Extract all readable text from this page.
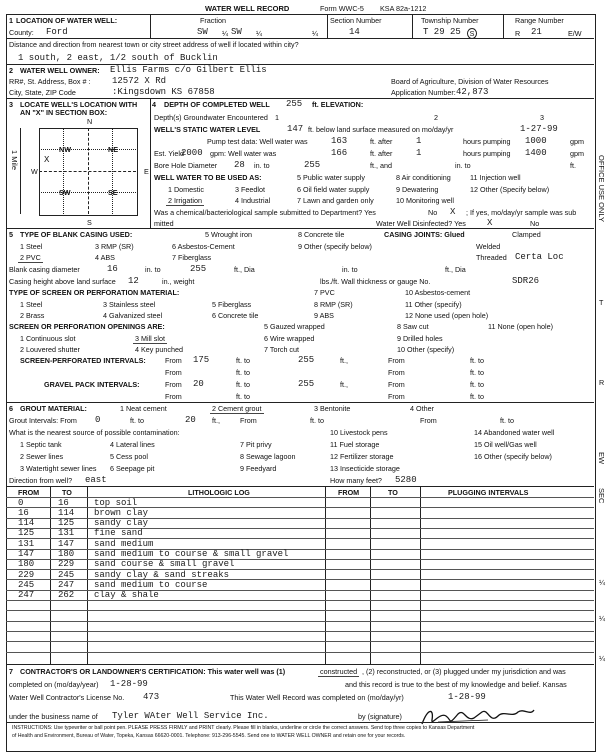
WATER WELL RECORD	Form WWC-5 KSA 82a-1212
1 LOCATION OF WATER WELL:	Fraction	Section Number	Township Number	Range Number
County: Ford	SW ¼ SW ¼	¼	14	T 29 25	S	R 21	E/W
Distance and direction from nearest town or city street address of well if located within city?
1 south, 2 east, 1/2 south of Bucklin
2 WATER WELL OWNER: Ellis Farms c/o Gilbert Ellis
RR#, St. Address, Box # : 12572 X Rd	Board of Agriculture, Division of Water Resources
City, State, ZIP Code	:Kingsdown KS 67858	Application Number: 42,873
3 LOCATE WELL'S LOCATION WITH
AN "X" IN SECTION BOX:
N
S
E
W
1 Mile
NW	NE
SW	SE
X
4 DEPTH OF COMPLETED WELL 255 ft. ELEVATION:
Depth(s) Groundwater Encountered 1	2	3
WELL'S STATIC WATER LEVEL	147 ft. below land surface measured on mo/day/yr	1-27-99
Pump test data: Well water was	163	ft. after	1	hours pumping 1000	gpm
Est. Yield
2000 gpm: Well water was	166	ft. after	1	hours pumping 1400	gpm
Bore Hole Diameter 28 in. to	255	ft., and	in. to	ft.
WELL WATER TO BE USED AS:	5 Public water supply	8 Air conditioning	11 Injection well
1 Domestic	3 Feedlot	6 Oil field water supply	9 Dewatering	12 Other (Specify below)
2 Irrigation	4 Industrial	7 Lawn and garden only	10 Monitoring well
Was a chemical/bacteriological sample submitted to Department? Yes	No X ; If yes, mo/day/yr sample was sub
mitted	Water Well Disinfected? Yes X	No
5 TYPE OF BLANK CASING USED:	5 Wrought iron	8 Concrete tile	CASING JOINTS: Glued	Clamped
1 Steel	3 RMP (SR)	6 Asbestos-Cement	9 Other (specify below)	Welded
2 PVC	4 ABS	7 Fiberglass	Threaded Certa Loc
Blank casing diameter	16	in. to	255	ft., Dia	in. to	ft., Dia
Casing height above land surface 12	in., weight	lbs./ft. Wall thickness or gauge No.	SDR26
TYPE OF SCREEN OR PERFORATION MATERIAL:	7 PVC	10 Asbestos-cement
1 Steel	3 Stainless steel	5 Fiberglass	8 RMP (SR)	11 Other (specify)
2 Brass	4 Galvanized steel	6 Concrete tile	9 ABS	12 None used (open hole)
SCREEN OR PERFORATION OPENINGS ARE:	5 Gauzed wrapped	8 Saw cut	11 None (open hole)
1 Continuous slot	3 Mill slot	6 Wire wrapped	9 Drilled holes
2 Louvered shutter	4 Key punched	7 Torch cut	10 Other (specify)
SCREEN-PERFORATED INTERVALS:	From 175	ft. to	255	ft.,	From	ft. to
From	ft. to	From	ft. to
GRAVEL PACK INTERVALS:	From 20	ft. to	255	ft.,	From	ft. to
From	ft. to	From	ft. to
6 GROUT MATERIAL:	1 Neat cement	2 Cement grout	3 Bentonite	4 Other
Grout Intervals: From 0	ft. to	20 ft.,	From	ft. to	From	ft. to
What is the nearest source of possible contamination:	10 Livestock pens	14 Abandoned water well
1 Septic tank	4 Lateral lines	7 Pit privy	11 Fuel storage	15 Oil well/Gas well
2 Sewer lines	5 Cess pool	8 Sewage lagoon	12 Fertilizer storage	16 Other (specify below)
3 Watertight sewer lines 6 Seepage pit	9 Feedyard	13 Insecticide storage
Direction from well? east	How many feet? 5280
FROM	TO	LITHOLOGIC LOG	FROM	TO	PLUGGING INTERVALS
0	16	top soil
16	114 brown clay
114	125 sandy clay
125	131 fine sand
131	147 sand medium
147	180 sand medium to course & small gravel
180	229 sand course & small gravel
229	245 sandy clay & sand streaks
245	247 sand medium to course
247	262 clay & shale
7 CONTRACTOR'S OR LANDOWNER'S CERTIFICATION: This water well was (1)	constructed , (2) reconstructed, or (3) plugged under my jurisdiction and was
completed on (mo/day/year) 1-28-99	and this record is true to the best of my knowledge and belief. Kansas
Water Well Contractor's License No. 473	This Water Well Record was completed on (mo/day/yr)	1-28-99
under the business name of Tyler WAter Well Service Inc.	by (signature)
INSTRUCTIONS: Use typewriter or ball point pen. PLEASE PRESS FIRMLY and PRINT clearly. Please fill in blanks, underline or circle the correct answers. Send top three copies to Kansas Department
of Health and Environment, Bureau of Water, Topeka, Kansas 66620-0001. Telephone: 913-296-5545. Send one to WATER WELL OWNER and retain one for your records.
OFFICE USE ONLY
T
R
EW
SEC
¼
¼
¼
